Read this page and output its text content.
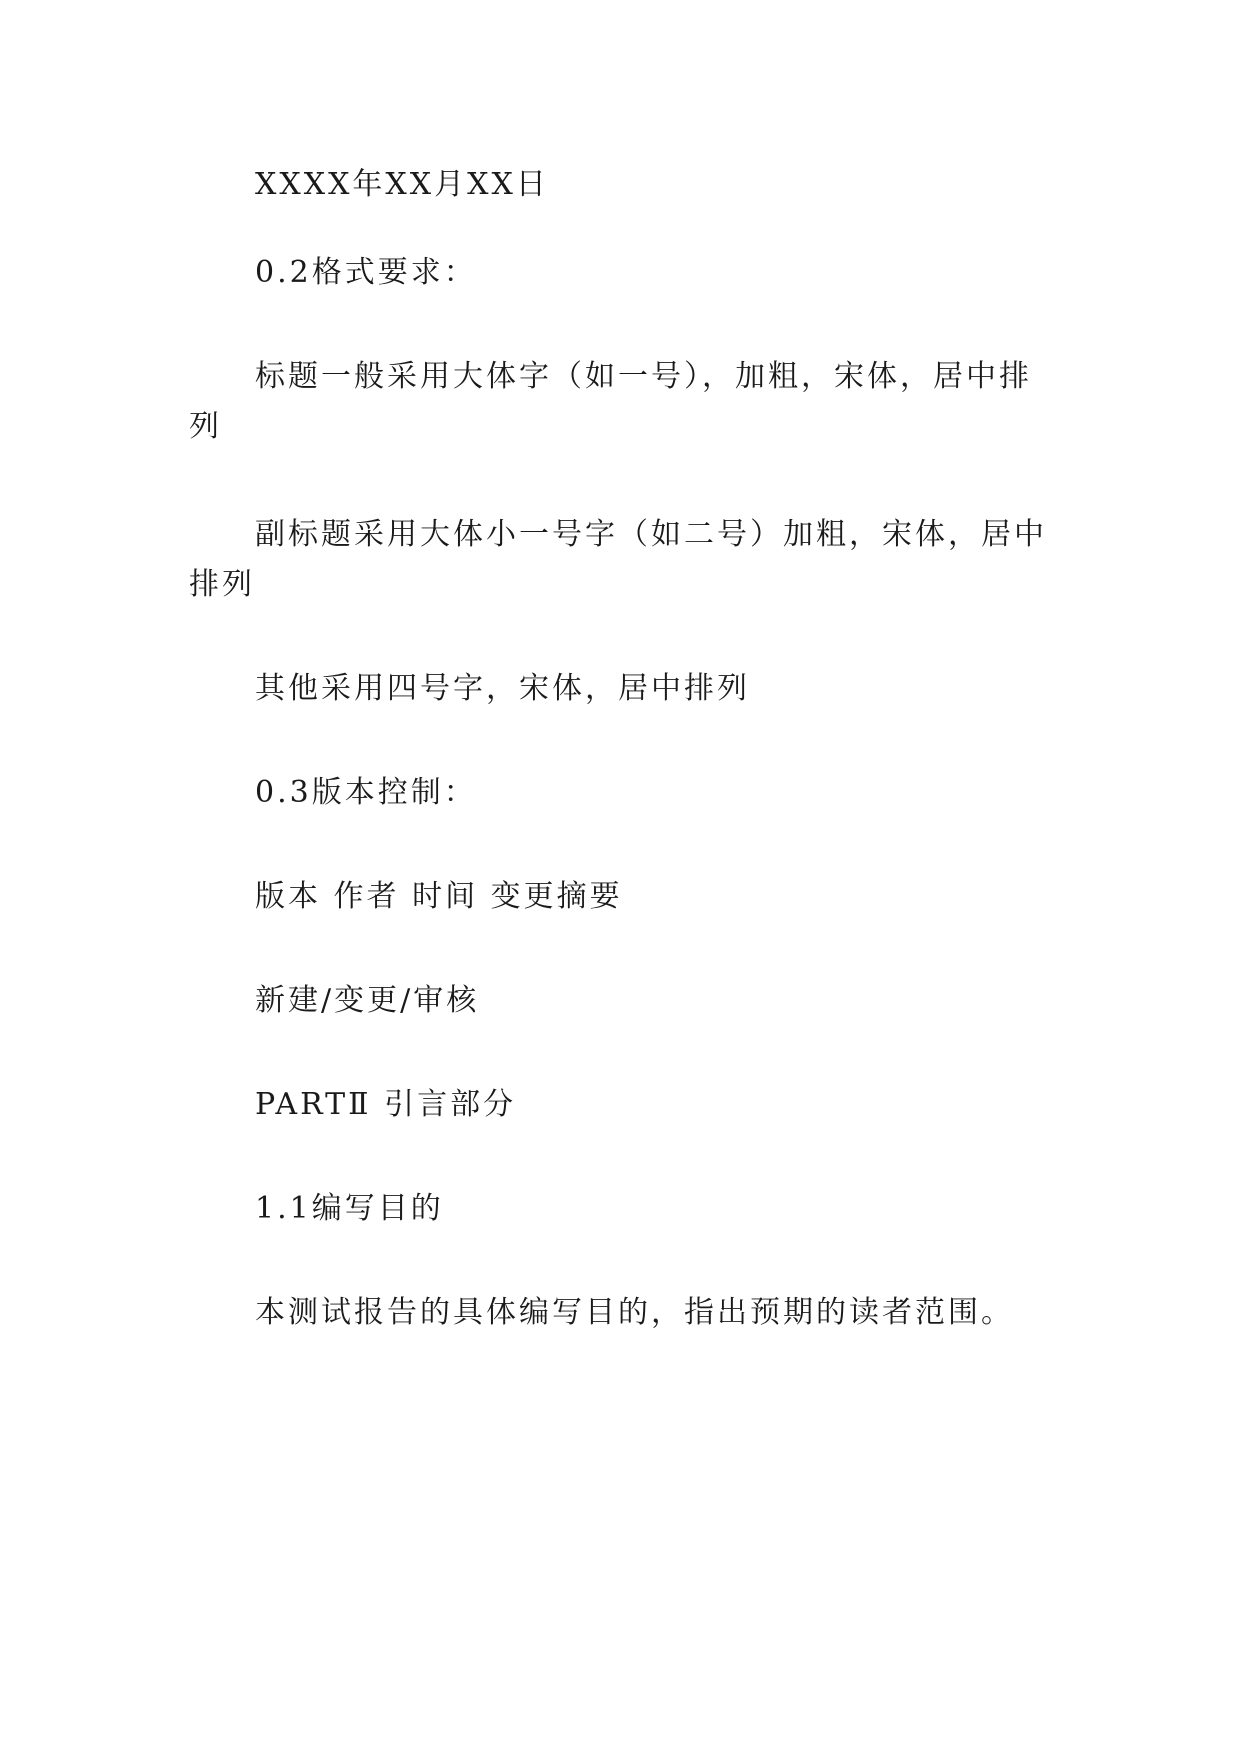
XXXX年XX月XX日

0.2格式要求：

标题一般采用大体字（如一号），加粗，宋体，居中排列

副标题采用大体小一号字（如二号）加粗，宋体，居中排列

其他采用四号字，宋体，居中排列

0.3版本控制：

版本 作者 时间 变更摘要

新建/变更/审核

PARTⅡ 引言部分

1.1编写目的

本测试报告的具体编写目的，指出预期的读者范围。
